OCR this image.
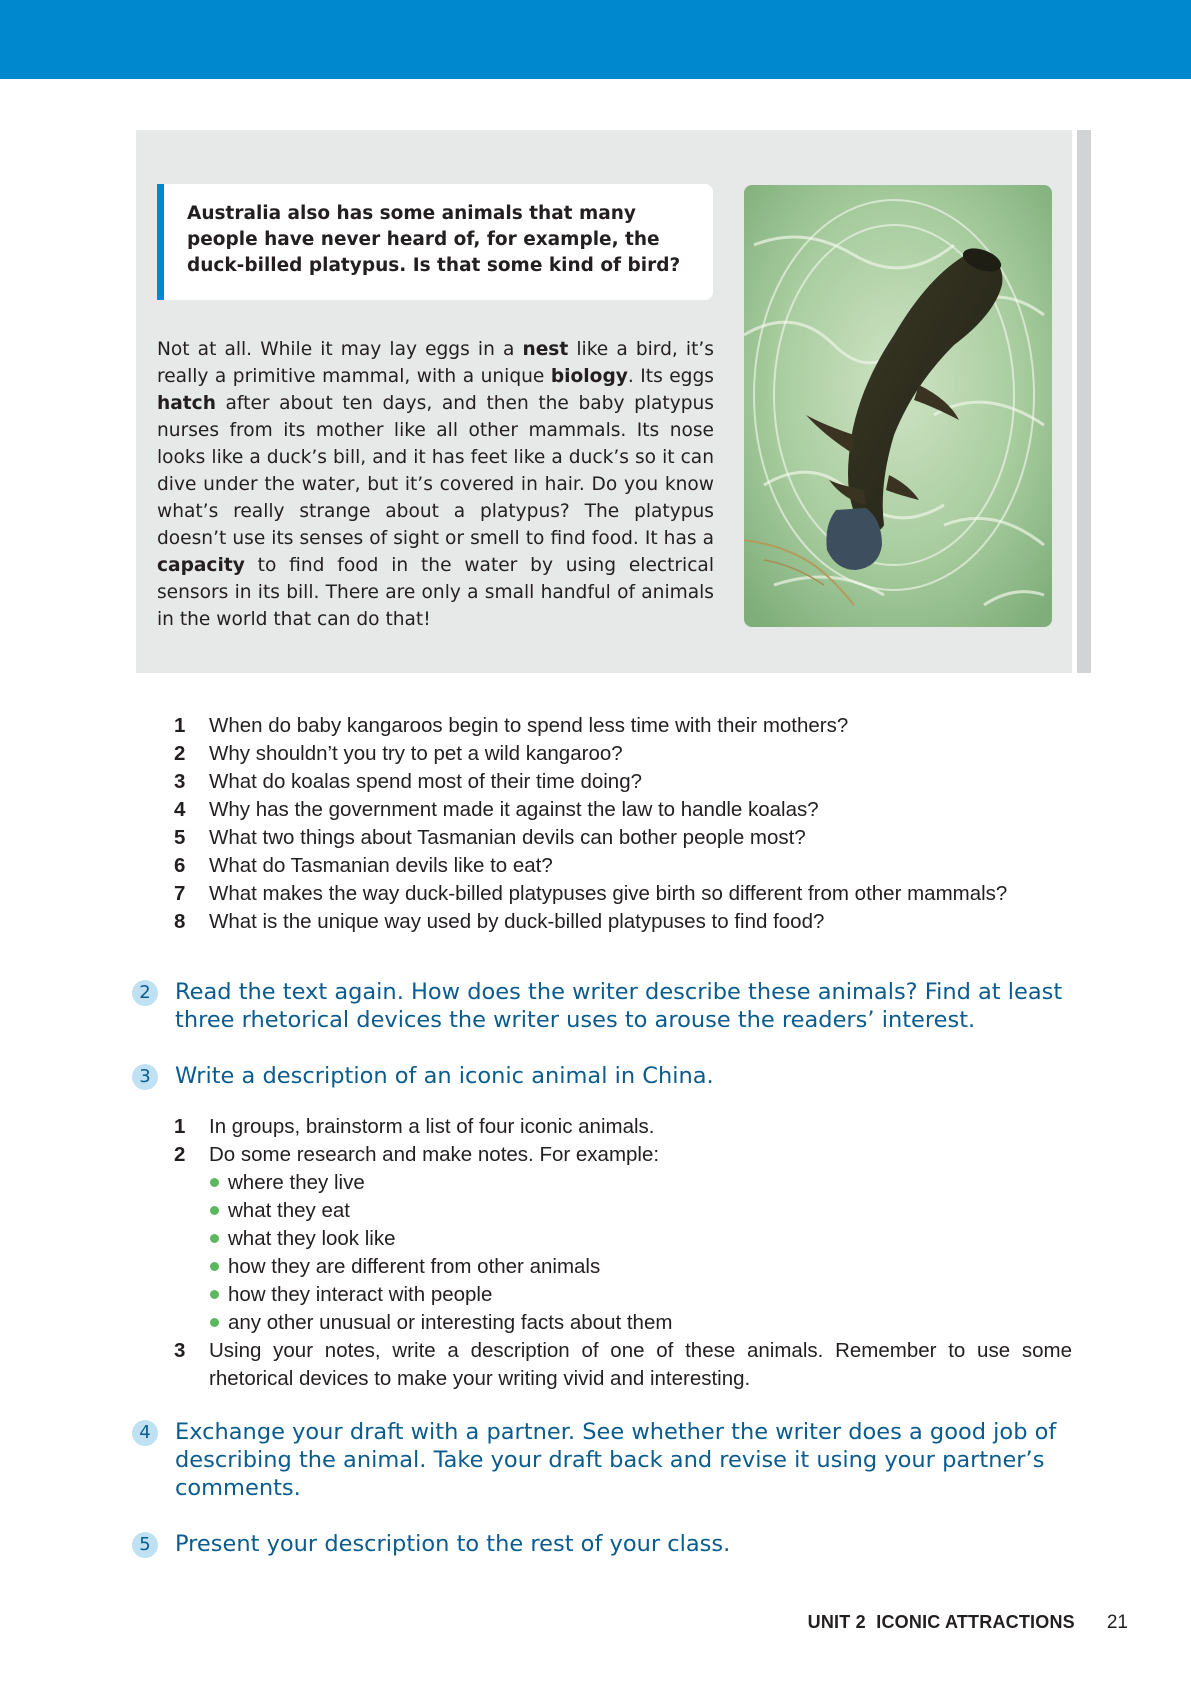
Australia also has some animals that many people have never heard of, for example, the duck-billed platypus. Is that some kind of bird?

Not at all. While it may lay eggs in a nest like a bird, it’s really a primitive mammal, with a unique biology. Its eggs hatch after about ten days, and then the baby platypus nurses from its mother like all other mammals. Its nose looks like a duck’s bill, and it has feet like a duck’s so it can dive under the water, but it’s covered in hair. Do you know what’s really strange about a platypus? The platypus doesn’t use its senses of sight or smell to find food. It has a capacity to find food in the water by using electrical sensors in its bill. There are only a small handful of animals in the world that can do that!

1	When do baby kangaroos begin to spend less time with their mothers?
2	Why shouldn’t you try to pet a wild kangaroo?
3	What do koalas spend most of their time doing?
4	Why has the government made it against the law to handle koalas?
5	What two things about Tasmanian devils can bother people most?
6	What do Tasmanian devils like to eat?
7	What makes the way duck-billed platypuses give birth so different from other mammals?
8	What is the unique way used by duck-billed platypuses to find food?
2	Read the text again. How does the writer describe these animals? Find at least three rhetorical devices the writer uses to arouse the readers’ interest.
3	Write a description of an iconic animal in China.
1	In groups, brainstorm a list of four iconic animals.
2	Do some research and make notes. For example:
where they live
what they eat
what they look like
how they are different from other animals
how they interact with people
any other unusual or interesting facts about them
3	Using your notes, write a description of one of these animals. Remember to use some rhetorical devices to make your writing vivid and interesting.
4	Exchange your draft with a partner. See whether the writer does a good job of describing the animal. Take your draft back and revise it using your partner’s comments.
5	Present your description to the rest of your class.
UNIT 2  ICONIC ATTRACTIONS 21
